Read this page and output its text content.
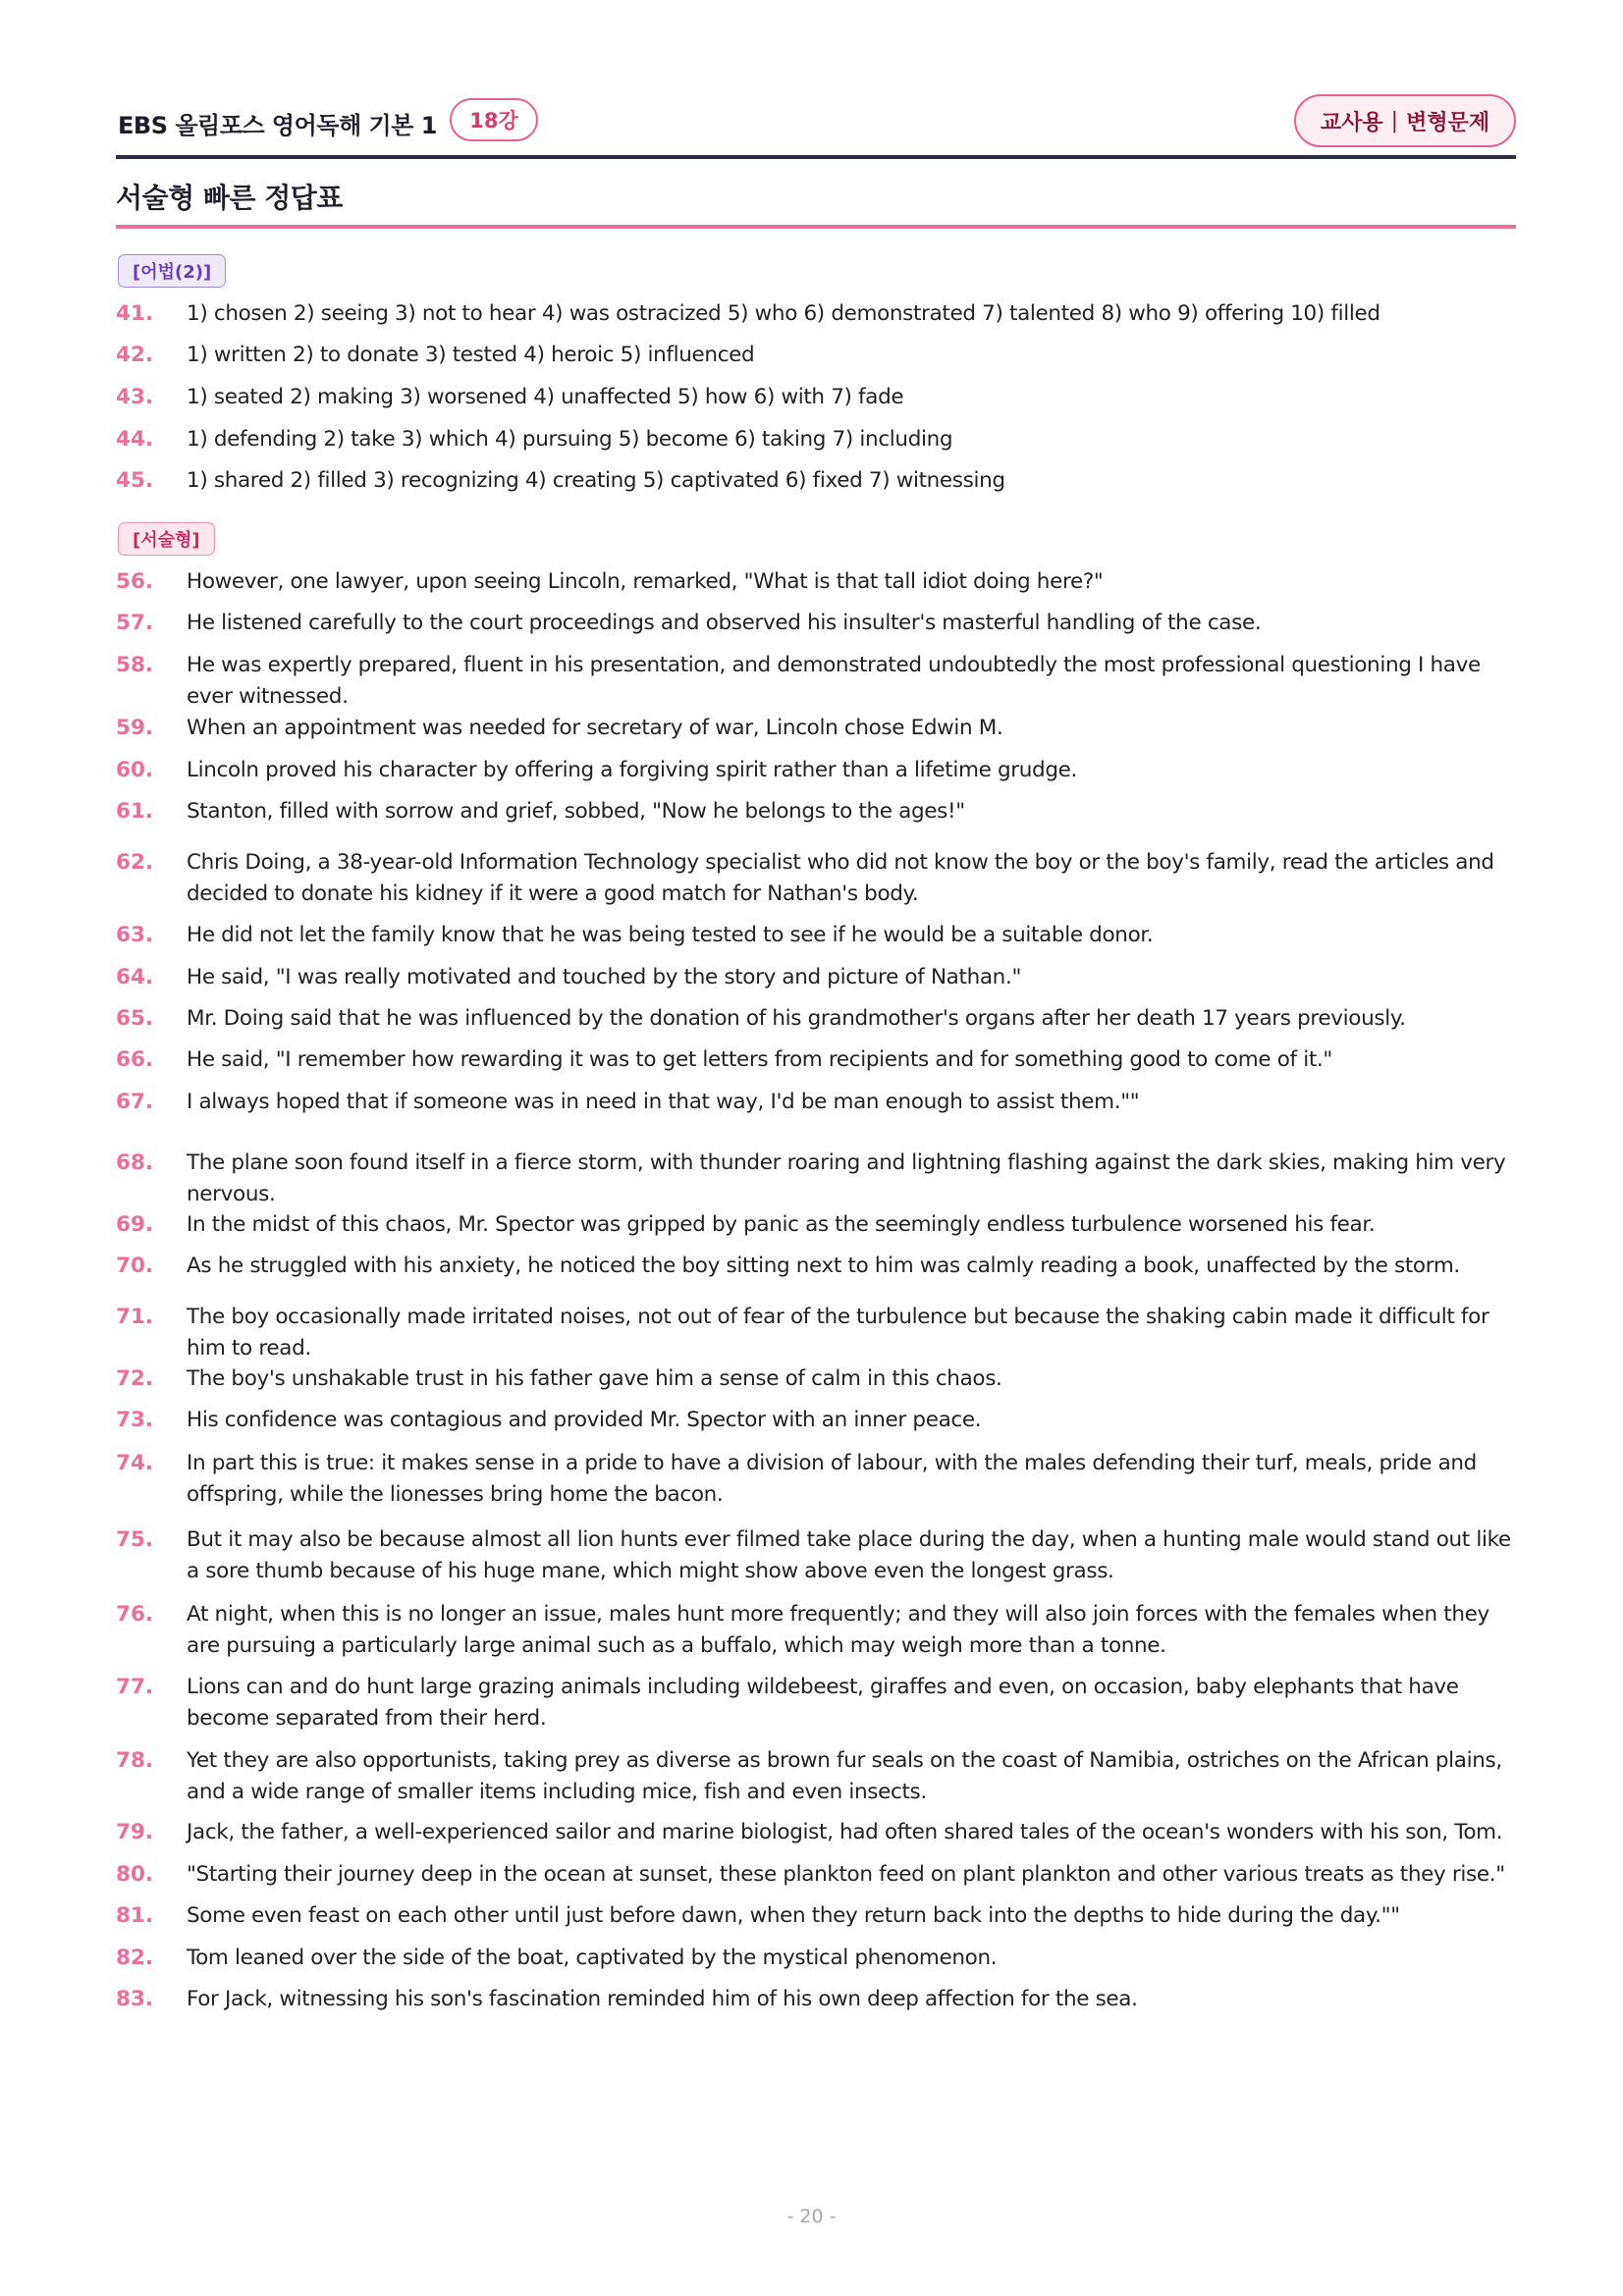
EBS 올림포스 영어독해 기본 1	18강	교사용 | 변형문제
서술형 빠른 정답표
[어법(2)]
[서술형]
41.	1) chosen 2) seeing 3) not to hear 4) was ostracized 5) who 6) demonstrated 7) talented 8) who 9) offering 10) filled
42.	1) written 2) to donate 3) tested 4) heroic 5) influenced
43.	1) seated 2) making 3) worsened 4) unaffected 5) how 6) with 7) fade
44.	1) defending 2) take 3) which 4) pursuing 5) become 6) taking 7) including
45.	1) shared 2) filled 3) recognizing 4) creating 5) captivated 6) fixed 7) witnessing
56.	However, one lawyer, upon seeing Lincoln, remarked, "What is that tall idiot doing here?"
57.	He listened carefully to the court proceedings and observed his insulter's masterful handling of the case.
58.	He was expertly prepared, fluent in his presentation, and demonstrated undoubtedly the most professional questioning I have ever witnessed.
59.	When an appointment was needed for secretary of war, Lincoln chose Edwin M.
60.	Lincoln proved his character by offering a forgiving spirit rather than a lifetime grudge.
61.	Stanton, filled with sorrow and grief, sobbed, "Now he belongs to the ages!"
62.	Chris Doing, a 38-year-old Information Technology specialist who did not know the boy or the boy's family, read the articles and decided to donate his kidney if it were a good match for Nathan's body.
63.	He did not let the family know that he was being tested to see if he would be a suitable donor.
64.	He said, "I was really motivated and touched by the story and picture of Nathan."
65.	Mr. Doing said that he was influenced by the donation of his grandmother's organs after her death 17 years previously.
66.	He said, "I remember how rewarding it was to get letters from recipients and for something good to come of it."
67.	I always hoped that if someone was in need in that way, I'd be man enough to assist them.""
68.	The plane soon found itself in a fierce storm, with thunder roaring and lightning flashing against the dark skies, making him very nervous.
69.	In the midst of this chaos, Mr. Spector was gripped by panic as the seemingly endless turbulence worsened his fear.
70.	As he struggled with his anxiety, he noticed the boy sitting next to him was calmly reading a book, unaffected by the storm.
71.	The boy occasionally made irritated noises, not out of fear of the turbulence but because the shaking cabin made it difficult for him to read.
72.	The boy's unshakable trust in his father gave him a sense of calm in this chaos.
73.	His confidence was contagious and provided Mr. Spector with an inner peace.
74.	In part this is true: it makes sense in a pride to have a division of labour, with the males defending their turf, meals, pride and offspring, while the lionesses bring home the bacon.
75.	But it may also be because almost all lion hunts ever filmed take place during the day, when a hunting male would stand out like a sore thumb because of his huge mane, which might show above even the longest grass.
76.	At night, when this is no longer an issue, males hunt more frequently; and they will also join forces with the females when they are pursuing a particularly large animal such as a buffalo, which may weigh more than a tonne.
77.	Lions can and do hunt large grazing animals including wildebeest, giraffes and even, on occasion, baby elephants that have become separated from their herd.
78.	Yet they are also opportunists, taking prey as diverse as brown fur seals on the coast of Namibia, ostriches on the African plains, and a wide range of smaller items including mice, fish and even insects.
79.	Jack, the father, a well-experienced sailor and marine biologist, had often shared tales of the ocean's wonders with his son, Tom.
80.	"Starting their journey deep in the ocean at sunset, these plankton feed on plant plankton and other various treats as they rise."
81.	Some even feast on each other until just before dawn, when they return back into the depths to hide during the day.""
82.	Tom leaned over the side of the boat, captivated by the mystical phenomenon.
83.	For Jack, witnessing his son's fascination reminded him of his own deep affection for the sea.
- 20 -
